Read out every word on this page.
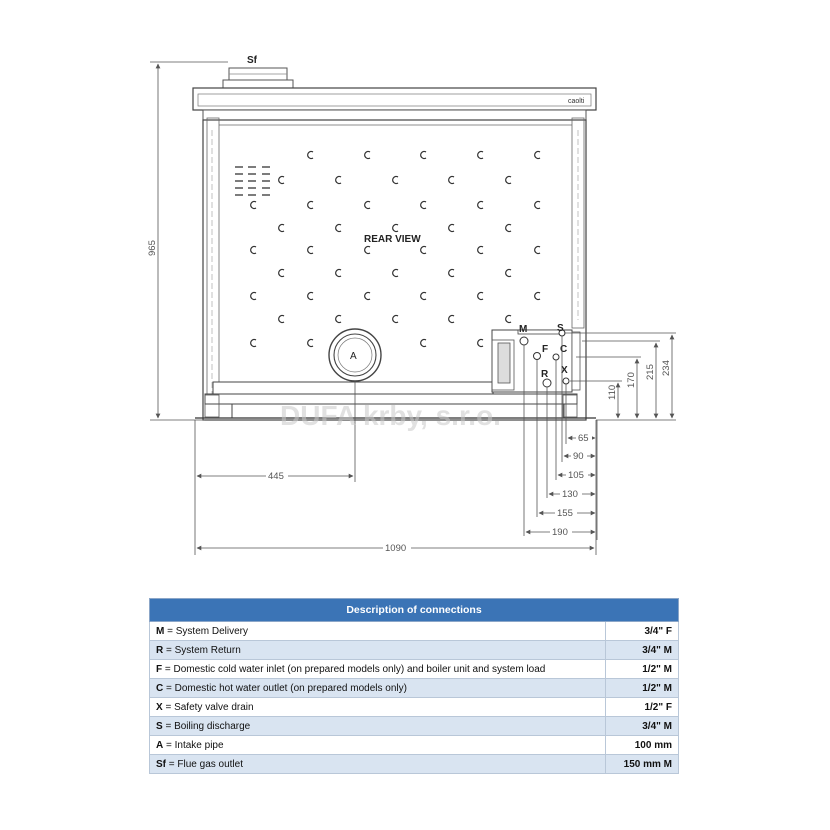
Sf
caolti
REAR VIEW
A
M	S
F C
R X
965
1090
445
110
170
215 234
65
90
105
130
155
190
DUFA krby, s.r.o.
Description of connections	
M = System Delivery	3/4" F
R = System Return	3/4" M
F = Domestic cold water inlet (on prepared models only) and boiler unit and system load	1/2" M
C = Domestic hot water outlet (on prepared models only)	1/2" M
X = Safety valve drain	1/2" F
S = Boiling discharge	3/4" M
A = Intake pipe	100 mm
Sf = Flue gas outlet	150 mm M
